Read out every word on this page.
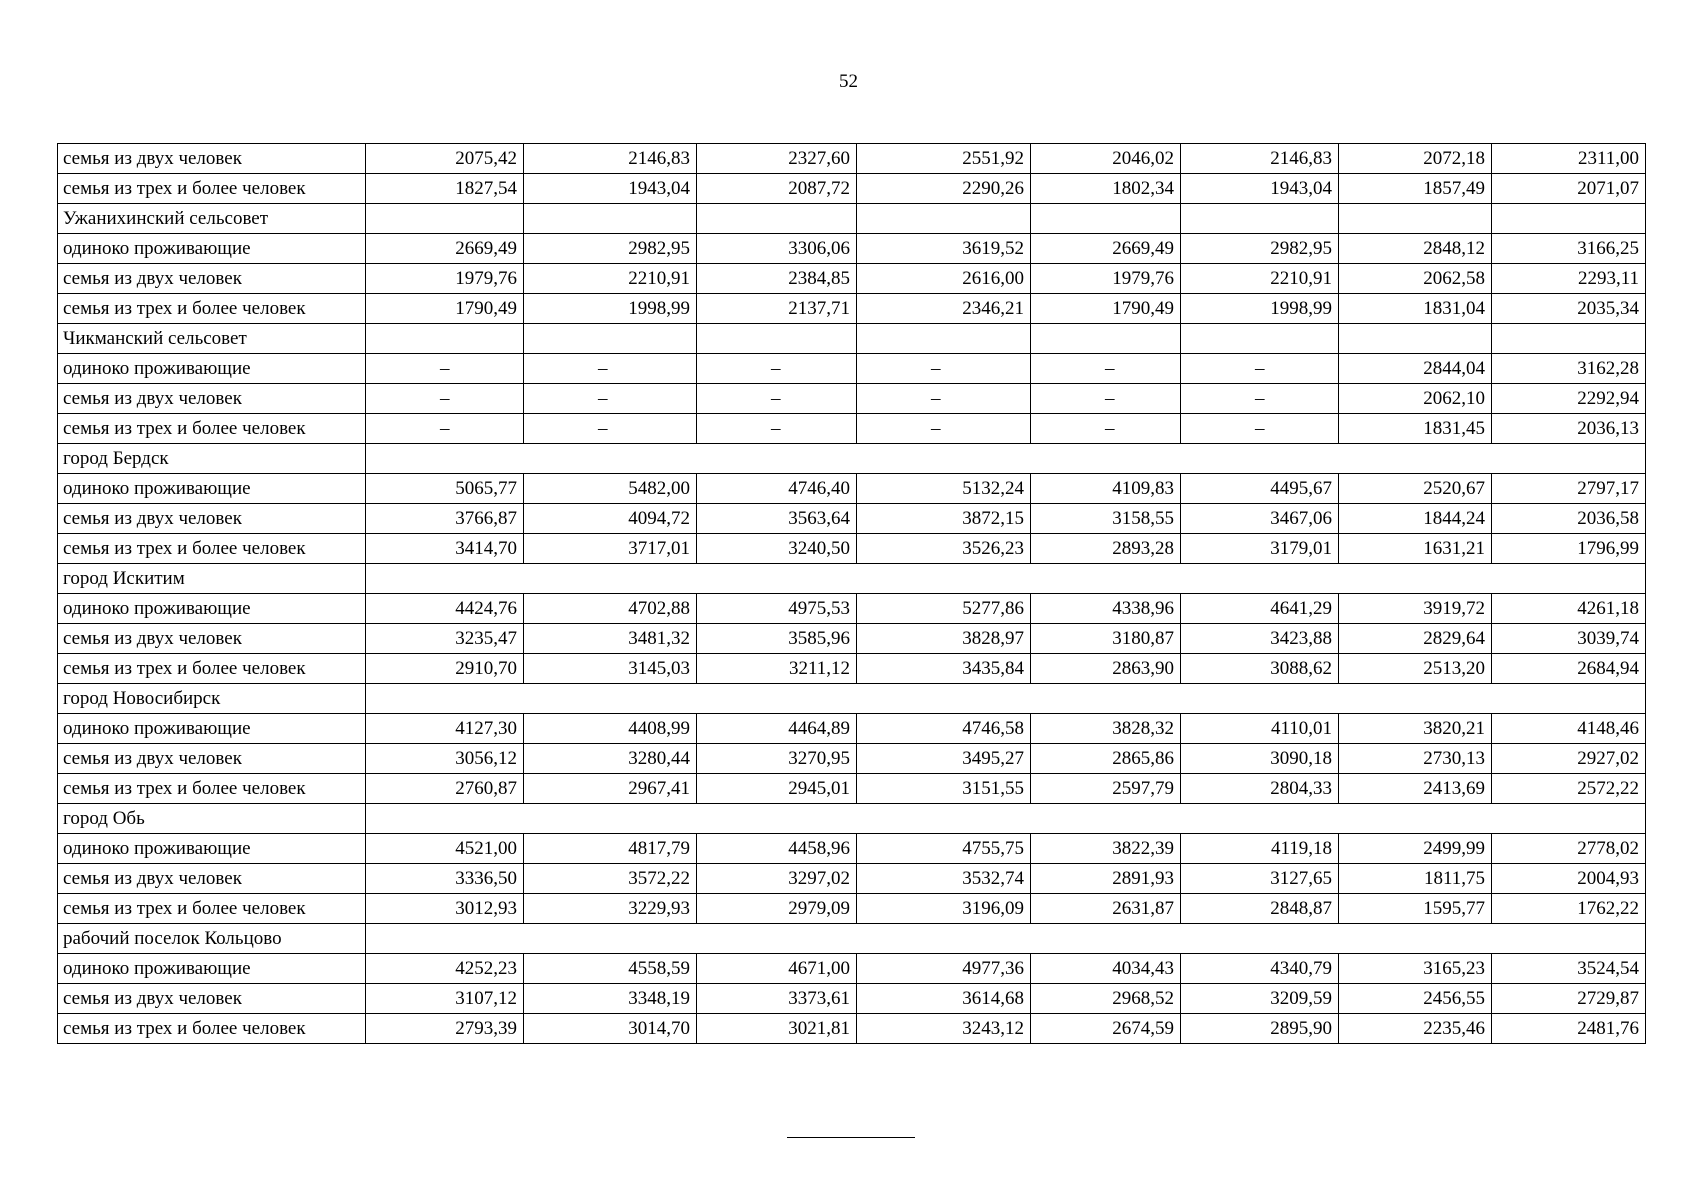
52
семья из двух человек	2075,42	2146,83	2327,60	2551,92	2046,02	2146,83	2072,18	2311,00
семья из трех и более человек	1827,54	1943,04	2087,72	2290,26	1802,34	1943,04	1857,49	2071,07
Ужанихинский сельсовет								
одиноко проживающие	2669,49	2982,95	3306,06	3619,52	2669,49	2982,95	2848,12	3166,25
семья из двух человек	1979,76	2210,91	2384,85	2616,00	1979,76	2210,91	2062,58	2293,11
семья из трех и более человек	1790,49	1998,99	2137,71	2346,21	1790,49	1998,99	1831,04	2035,34
Чикманский сельсовет								
одиноко проживающие	–	–	–	–	–	–	2844,04	3162,28
семья из двух человек	–	–	–	–	–	–	2062,10	2292,94
семья из трех и более человек	–	–	–	–	–	–	1831,45	2036,13
город Бердск								
одиноко проживающие	5065,77	5482,00	4746,40	5132,24	4109,83	4495,67	2520,67	2797,17
семья из двух человек	3766,87	4094,72	3563,64	3872,15	3158,55	3467,06	1844,24	2036,58
семья из трех и более человек	3414,70	3717,01	3240,50	3526,23	2893,28	3179,01	1631,21	1796,99
город Искитим								
одиноко проживающие	4424,76	4702,88	4975,53	5277,86	4338,96	4641,29	3919,72	4261,18
семья из двух человек	3235,47	3481,32	3585,96	3828,97	3180,87	3423,88	2829,64	3039,74
семья из трех и более человек	2910,70	3145,03	3211,12	3435,84	2863,90	3088,62	2513,20	2684,94
город Новосибирск								
одиноко проживающие	4127,30	4408,99	4464,89	4746,58	3828,32	4110,01	3820,21	4148,46
семья из двух человек	3056,12	3280,44	3270,95	3495,27	2865,86	3090,18	2730,13	2927,02
семья из трех и более человек	2760,87	2967,41	2945,01	3151,55	2597,79	2804,33	2413,69	2572,22
город Обь								
одиноко проживающие	4521,00	4817,79	4458,96	4755,75	3822,39	4119,18	2499,99	2778,02
семья из двух человек	3336,50	3572,22	3297,02	3532,74	2891,93	3127,65	1811,75	2004,93
семья из трех и более человек	3012,93	3229,93	2979,09	3196,09	2631,87	2848,87	1595,77	1762,22
рабочий поселок Кольцово								
одиноко проживающие	4252,23	4558,59	4671,00	4977,36	4034,43	4340,79	3165,23	3524,54
семья из двух человек	3107,12	3348,19	3373,61	3614,68	2968,52	3209,59	2456,55	2729,87
семья из трех и более человек	2793,39	3014,70	3021,81	3243,12	2674,59	2895,90	2235,46	2481,76
